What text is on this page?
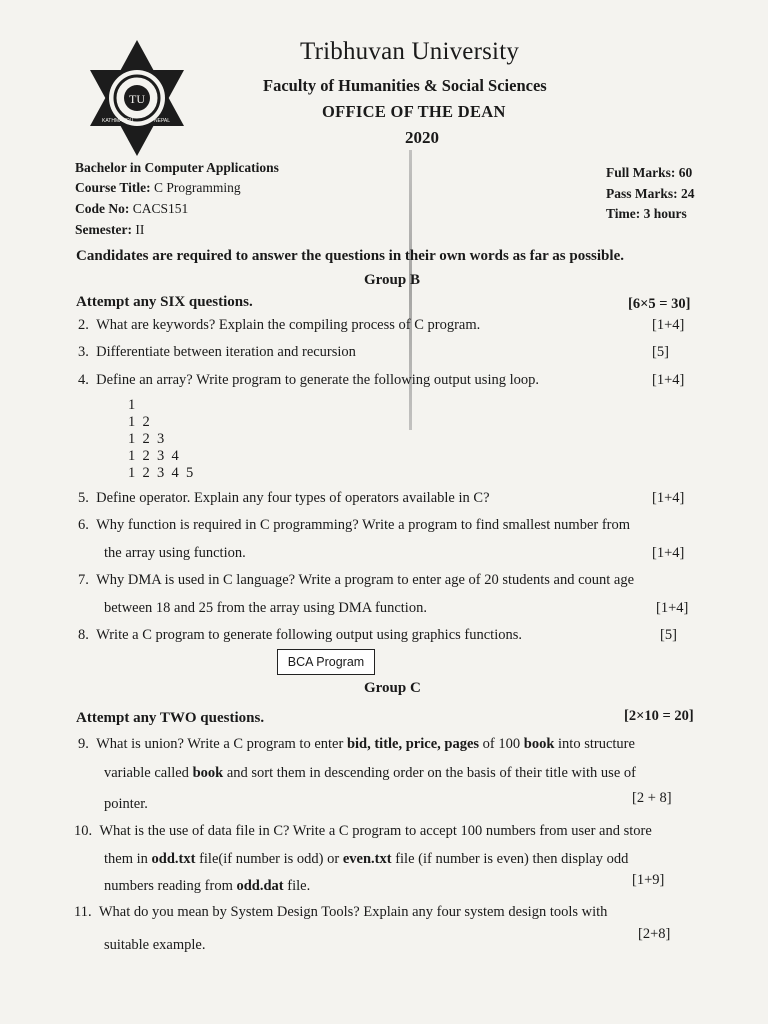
TU
KATHMANDU	NEPAL
Tribhuvan University
Faculty of Humanities & Social Sciences
OFFICE OF THE DEAN
2020
Bachelor in Computer Applications
Course Title: C Programming
Code No: CACS151
Semester: II
Full Marks: 60
Pass Marks: 24
Time: 3 hours
Candidates are required to answer the questions in their own words as far as possible.
Group B
Attempt any SIX questions.	[6×5 = 30]
2. What are keywords? Explain the compiling process of C program.	[1+4]
3. Differentiate between iteration and recursion	[5]
4. Define an array? Write program to generate the following output using loop.	[1+4]
1
1  2
1  2  3
1  2  3  4
1  2  3  4  5
5. Define operator. Explain any four types of operators available in C?	[1+4]
6. Why function is required in C programming? Write a program to find smallest number from
the array using function.	[1+4]
7. Why DMA is used in C language? Write a program to enter age of 20 students and count age
between 18 and 25 from the array using DMA function.	[1+4]
8. Write a C program to generate following output using graphics functions.	[5]
BCA Program
Group C
Attempt any TWO questions.	[2×10 = 20]
9. What is union? Write a C program to enter bid, title, price, pages of 100 book into structure
variable called book and sort them in descending order on the basis of their title with use of
pointer.	[2 + 8]
10. What is the use of data file in C? Write a C program to accept 100 numbers from user and store
them in odd.txt file(if number is odd) or even.txt file (if number is even) then display odd
numbers reading from odd.dat file.	[1+9]
11. What do you mean by System Design Tools? Explain any four system design tools with
suitable example.
[2+8]
